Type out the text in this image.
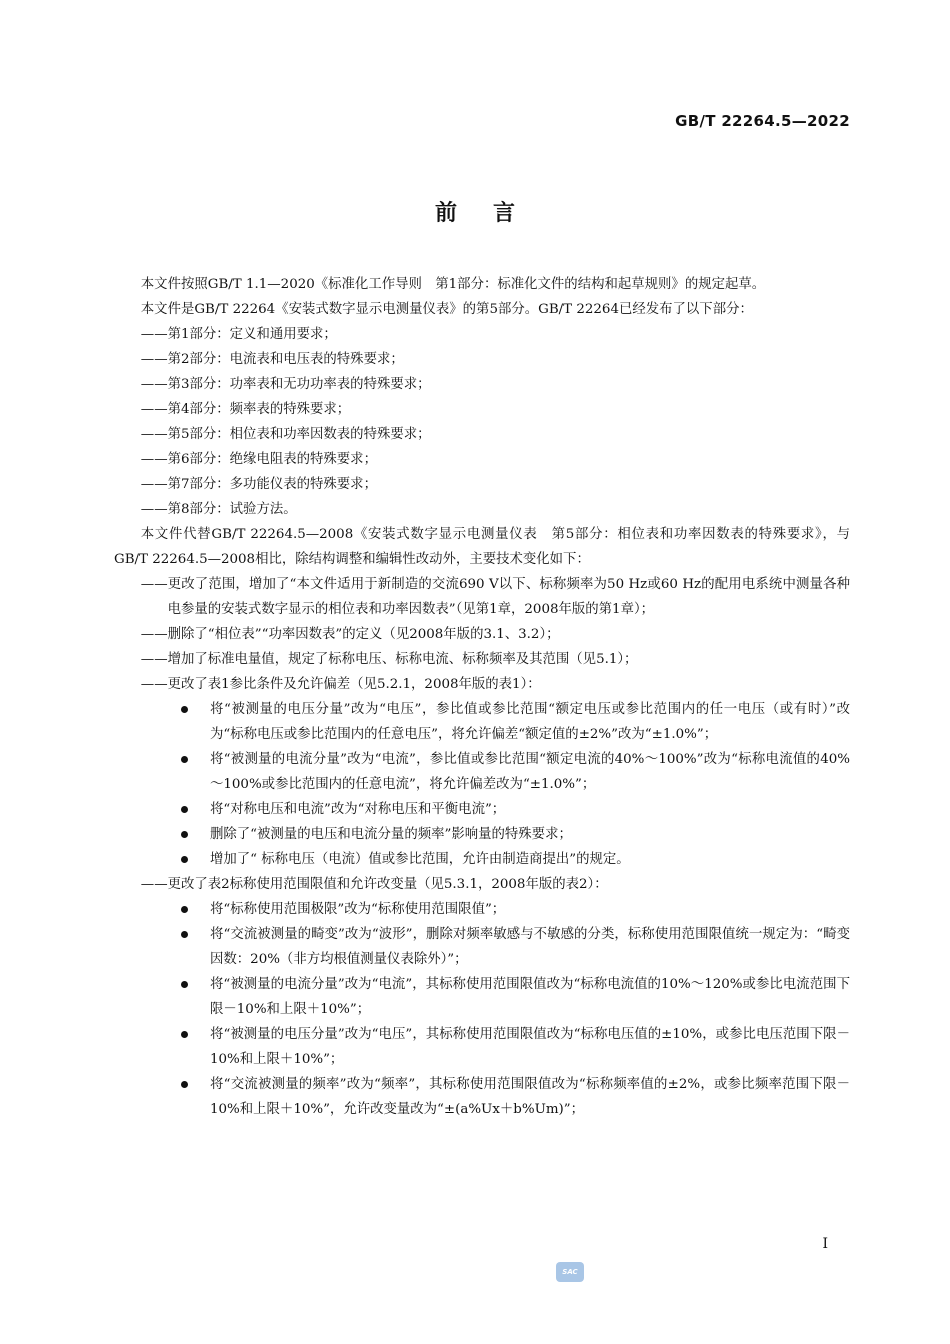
GB/T 22264.5—2022
前言

本文件按照GB/T 1.1—2020《标准化工作导则　第1部分：标准化文件的结构和起草规则》的规定起草。

本文件是GB/T 22264《安装式数字显示电测量仪表》的第5部分。GB/T 22264已经发布了以下部分：

——第1部分：定义和通用要求；

——第2部分：电流表和电压表的特殊要求；

——第3部分：功率表和无功功率表的特殊要求；

——第4部分：频率表的特殊要求；

——第5部分：相位表和功率因数表的特殊要求；

——第6部分：绝缘电阻表的特殊要求；

——第7部分：多功能仪表的特殊要求；

——第8部分：试验方法。

本文件代替GB/T 22264.5—2008《安装式数字显示电测量仪表　第5部分：相位表和功率因数表的特殊要求》，与GB/T 22264.5—2008相比，除结构调整和编辑性改动外，主要技术变化如下：

——更改了范围，增加了“本文件适用于新制造的交流690 V以下、标称频率为50 Hz或60 Hz的配用电系统中测量各种电参量的安装式数字显示的相位表和功率因数表”（见第1章，2008年版的第1章）；

——删除了“相位表”“功率因数表”的定义（见2008年版的3.1、3.2）；

——增加了标准电量值，规定了标称电压、标称电流、标称频率及其范围（见5.1）；

——更改了表1参比条件及允许偏差（见5.2.1，2008年版的表1）：

将“被测量的电压分量”改为“电压”，参比值或参比范围“额定电压或参比范围内的任一电压（或有时）”改为“标称电压或参比范围内的任意电压”，将允许偏差“额定值的±2%”改为“±1.0%”；

将“被测量的电流分量”改为“电流”，参比值或参比范围“额定电流的40%～100%”改为“标称电流值的40%～100%或参比范围内的任意电流”，将允许偏差改为“±1.0%”；

将“对称电压和电流”改为“对称电压和平衡电流”；

删除了“被测量的电压和电流分量的频率”影响量的特殊要求；

增加了“ 标称电压（电流）值或参比范围，允许由制造商提出”的规定。

——更改了表2标称使用范围限值和允许改变量（见5.3.1，2008年版的表2）：

将“标称使用范围极限”改为“标称使用范围限值”；

将“交流被测量的畸变”改为“波形”，删除对频率敏感与不敏感的分类，标称使用范围限值统一规定为：“畸变因数：20%（非方均根值测量仪表除外）”；

将“被测量的电流分量”改为“电流”，其标称使用范围限值改为“标称电流值的10%～120%或参比电流范围下限－10%和上限＋10%”；

将“被测量的电压分量”改为“电压”，其标称使用范围限值改为“标称电压值的±10%，或参比电压范围下限－10%和上限＋10%”；

将“交流被测量的频率”改为“频率”，其标称使用范围限值改为“标称频率值的±2%，或参比频率范围下限－10%和上限＋10%”，允许改变量改为“±(a%Ux＋b%Um)”；

I
SAC
